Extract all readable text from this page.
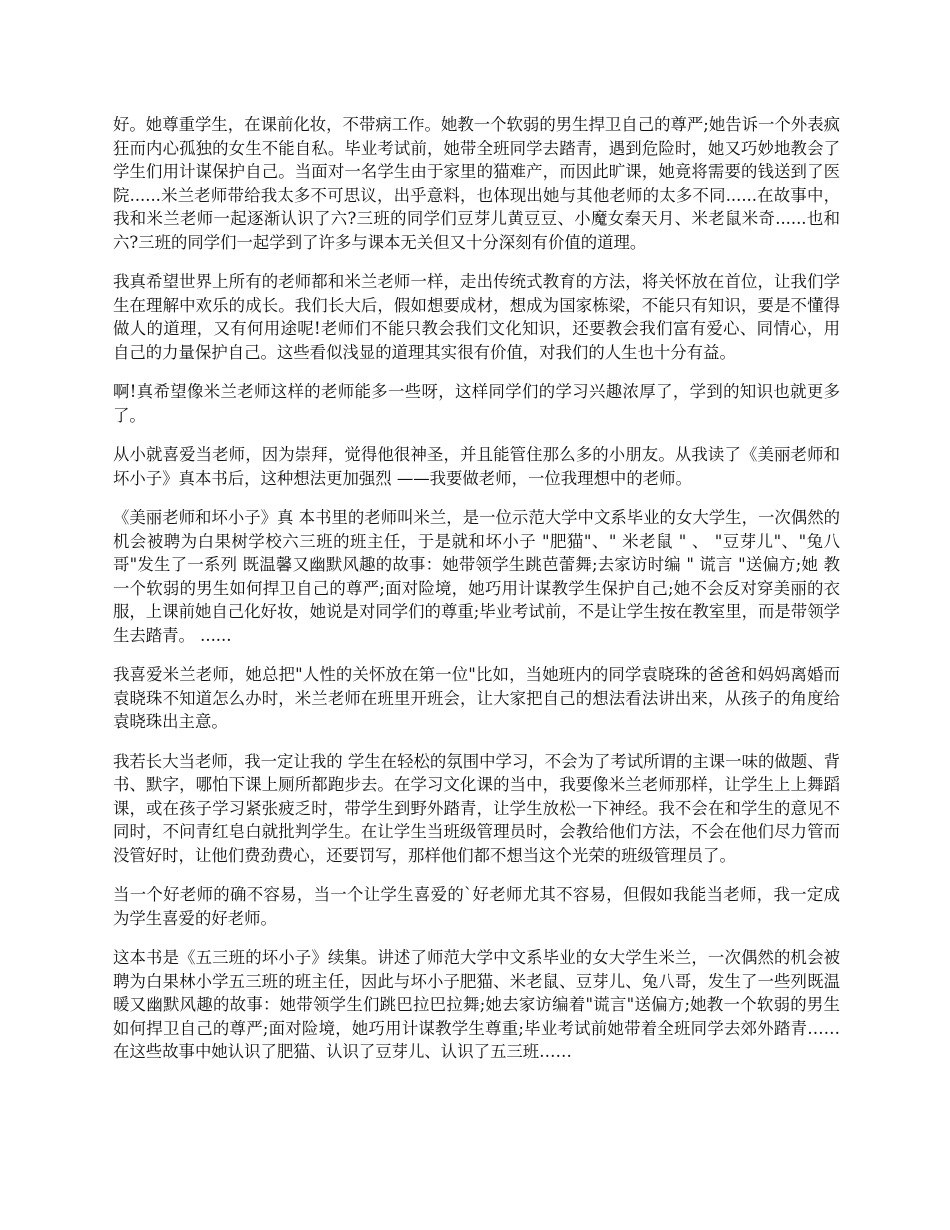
好。她尊重学生，在课前化妆，不带病工作。她教一个软弱的男生捍卫自己的尊严;她告诉一个外表疯狂而内心孤独的女生不能自私。毕业考试前，她带全班同学去踏青，遇到危险时，她又巧妙地教会了学生们用计谋保护自己。当面对一名学生由于家里的猫难产，而因此旷课，她竟将需要的钱送到了医院......米兰老师带给我太多不可思议，出乎意料，也体现出她与其他老师的太多不同......在故事中，我和米兰老师一起逐渐认识了六?三班的同学们豆芽儿黄豆豆、小魔女秦天月、米老鼠米奇......也和六?三班的同学们一起学到了许多与课本无关但又十分深刻有价值的道理。

我真希望世界上所有的老师都和米兰老师一样，走出传统式教育的方法，将关怀放在首位，让我们学生在理解中欢乐的成长。我们长大后，假如想要成材，想成为国家栋梁，不能只有知识，要是不懂得做人的道理，又有何用途呢!老师们不能只教会我们文化知识，还要教会我们富有爱心、同情心，用自己的力量保护自己。这些看似浅显的道理其实很有价值，对我们的人生也十分有益。

啊!真希望像米兰老师这样的老师能多一些呀，这样同学们的学习兴趣浓厚了，学到的知识也就更多了。

从小就喜爱当老师，因为崇拜，觉得他很神圣，并且能管住那么多的小朋友。从我读了《美丽老师和坏小子》真本书后，这种想法更加强烈 ——我要做老师，一位我理想中的老师。

《美丽老师和坏小子》真 本书里的老师叫米兰，是一位示范大学中文系毕业的女大学生，一次偶然的机会被聘为白果树学校六三班的班主任，于是就和坏小子 "肥猫"、" 米老鼠 " 、 "豆芽儿"、"兔八哥"发生了一系列 既温馨又幽默风趣的故事：她带领学生跳芭蕾舞;去家访时编 " 谎言 "送偏方;她 教一个软弱的男生如何捍卫自己的尊严;面对险境，她巧用计谋教学生保护自己;她不会反对穿美丽的衣服，上课前她自己化好妆，她说是对同学们的尊重;毕业考试前，不是让学生按在教室里，而是带领学生去踏青。 ......

我喜爱米兰老师，她总把"人性的关怀放在第一位"比如，当她班内的同学袁晓珠的爸爸和妈妈离婚而袁晓珠不知道怎么办时，米兰老师在班里开班会，让大家把自己的想法看法讲出来，从孩子的角度给袁晓珠出主意。

我若长大当老师，我一定让我的 学生在轻松的氛围中学习，不会为了考试所谓的主课一味的做题、背书、默字，哪怕下课上厕所都跑步去。在学习文化课的当中，我要像米兰老师那样，让学生上上舞蹈课，或在孩子学习紧张疲乏时，带学生到野外踏青，让学生放松一下神经。我不会在和学生的意见不同时，不问青红皂白就批判学生。在让学生当班级管理员时，会教给他们方法，不会在他们尽力管而没管好时，让他们费劲费心，还要罚写，那样他们都不想当这个光荣的班级管理员了。

当一个好老师的确不容易，当一个让学生喜爱的`好老师尤其不容易，但假如我能当老师，我一定成为学生喜爱的好老师。

这本书是《五三班的坏小子》续集。讲述了师范大学中文系毕业的女大学生米兰，一次偶然的机会被聘为白果林小学五三班的班主任，因此与坏小子肥猫、米老鼠、豆芽儿、兔八哥，发生了一些列既温暖又幽默风趣的故事：她带领学生们跳巴拉巴拉舞;她去家访编着"谎言"送偏方;她教一个软弱的男生如何捍卫自己的尊严;面对险境，她巧用计谋教学生尊重;毕业考试前她带着全班同学去郊外踏青……在这些故事中她认识了肥猫、认识了豆芽儿、认识了五三班……
